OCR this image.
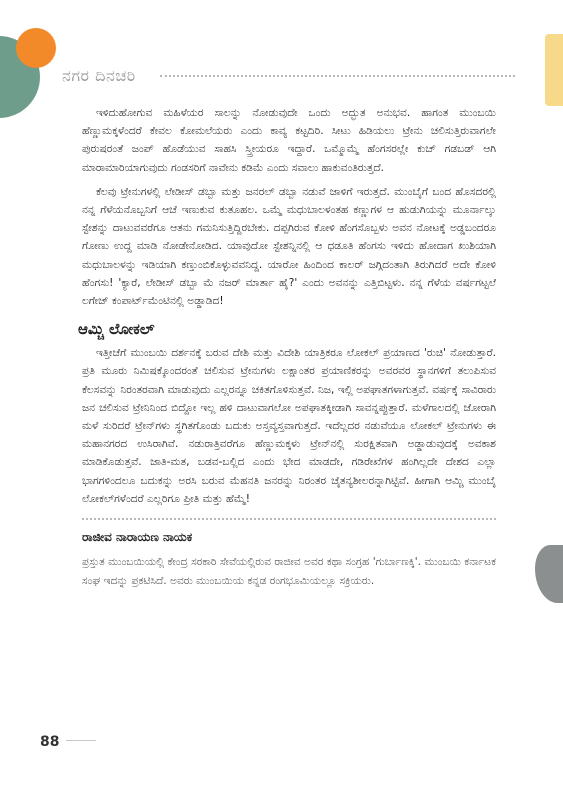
ನಗರ ದಿನಚರಿ

ಇಳಿದುಹೋಗುವ ಮಹಿಳೆಯರ ಸಾಲನ್ನು ನೋಡುವುದೇ ಒಂದು ಅದ್ಭುತ ಅನುಭವ. ಹಾಗಂತ ಮುಂಬಯಿ ಹೆಣ್ಣುಮಕ್ಕಳೆಂದರೆ ಕೇವಲ ಕೋಮಲೆಯರು ಎಂದು ಕಾವ್ಯ ಕಟ್ಟದಿರಿ. ಸೀಟು ಹಿಡಿಯಲು ಟ್ರೇನು ಚಲಿಸುತ್ತಿರುವಾಗಲೇ ಪುರುಷರಂತೆ ಜಂಪ್ ಹೊಡೆಯುವ ಸಾಹಸಿ ಸ್ತ್ರೀಯರೂ ಇದ್ದಾರೆ. ಒಮ್ಮೊಮ್ಮೆ ಹೆಂಗಸರಲ್ಲೇ ಕುಚ್ ಗಡಬಡ್ ಆಗಿ ಮಾರಾಮಾರಿಯಾಗುವುದು ಗಂಡಸರಿಗೆ ನಾವೇನು ಕಡಿಮೆ ಎಂದು ಸವಾಲು ಹಾಕುವಂತಿರುತ್ತದೆ.

ಕೆಲವು ಟ್ರೇನುಗಳಲ್ಲಿ ಲೇಡೀಸ್ ಡಬ್ಬಾ ಮತ್ತು ಜನರಲ್ ಡಬ್ಬಾ ನಡುವೆ ಜಾಳಿಗೆ ಇರುತ್ತದೆ. ಮುಂಬೈಗೆ ಬಂದ ಹೊಸದರಲ್ಲಿ ನನ್ನ ಗೆಳೆಯನೊಬ್ಬನಿಗೆ ಆಚೆ ಇಣುಕುವ ಕುತೂಹಲ. ಒಮ್ಮೆ ಮಧುಬಾಲಳಂತಹ ಕಣ್ಣುಗಳ ಆ ಹುಡುಗಿಯನ್ನು ಮೂರ್ನಾಲ್ಕು ಸ್ಟೇಶನ್ನು ದಾಟುವವರೆಗೂ ಆತನು ಗಮನಿಸುತ್ತಿದ್ದಿರಬೇಕು. ದಪ್ಪಗಿರುವ ಕೋಳಿ ಹೆಂಗಸೊಬ್ಬಳು ಅವನ ನೋಟಕ್ಕೆ ಅಡ್ಡಬಂದರೂ ಗೋಣು ಉದ್ದ ಮಾಡಿ ನೋಡೇನೋಡಿದ. ಯಾವುದೋ ಸ್ಟೇಶನ್ನಿನಲ್ಲಿ ಆ ಧಡೂತಿ ಹೆಂಗಸು ಇಳಿದು ಹೋದಾಗ ಖುಶಿಯಾಗಿ ಮಧುಬಾಲಳನ್ನು ಇಡಿಯಾಗಿ ಕಣ್ತುಂಬಿಕೊಳ್ಳುವವನಿದ್ದ. ಯಾರೋ ಹಿಂದಿಂದ ಕಾಲರ್ ಜಗ್ಗಿದಂತಾಗಿ ತಿರುಗಿದರೆ ಅದೇ ಕೋಳಿ ಹೆಂಗಸು! 'ಕ್ಯಾರೆ, ಲೇಡೀಸ್ ಡಬ್ಬಾ ಮೆ ನಜರ್ ಮಾರ್ತಾ ಹೈ?' ಎಂದು ಅವನನ್ನು ಎತ್ತಿಬಿಟ್ಟಳು. ನನ್ನ ಗೆಳೆಯ ವರ್ಷಗಟ್ಟಲೆ ಲಗೇಜ್ ಕಂಪಾರ್ಟ್‌ಮೆಂಟಿನಲ್ಲಿ ಅಡ್ಡಾಡಿದ!

ಆಮ್ಚಿ ಲೋಕಲ್

ಇತ್ತೀಚೆಗೆ ಮುಂಬಯಿ ದರ್ಶನಕ್ಕೆ ಬರುವ ದೇಶಿ ಮತ್ತು ವಿದೇಶಿ ಯಾತ್ರಿಕರೂ ಲೋಕಲ್ ಪ್ರಯಾಣದ 'ರುಚಿ' ನೋಡುತ್ತಾರೆ. ಪ್ರತಿ ಮೂರು ನಿಮಿಷಕ್ಕೊಂದರಂತೆ ಚಲಿಸುವ ಟ್ರೇನುಗಳು ಲಕ್ಷಾಂತರ ಪ್ರಯಾಣಿಕರನ್ನು ಅವರವರ ಸ್ಥಾನಗಳಿಗೆ ತಲುಪಿಸುವ ಕೆಲಸವನ್ನು ನಿರಂತರವಾಗಿ ಮಾಡುವುದು ಎಲ್ಲರನ್ನೂ ಚಕಿತಗೊಳಿಸುತ್ತವೆ. ನಿಜ, ಇಲ್ಲಿ ಅಪಘಾತಗಳಾಗುತ್ತವೆ. ವರ್ಷಕ್ಕೆ ಸಾವಿರಾರು ಜನ ಚಲಿಸುವ ಟ್ರೇನಿನಿಂದ ಬಿದ್ದೋ ಇಲ್ಲ ಹಳಿ ದಾಟುವಾಗಲೋ ಅಪಘಾತಕ್ಕೀಡಾಗಿ ಸಾವನ್ನಪ್ಪುತ್ತಾರೆ. ಮಳೆಗಾಲದಲ್ಲಿ ಜೋರಾಗಿ ಮಳೆ ಸುರಿದರೆ ಟ್ರೇನ್‌ಗಳು ಸ್ಥಗಿತಗೊಂಡು ಬದುಕು ಅಸ್ತವ್ಯಸ್ತವಾಗುತ್ತದೆ. ಇದೆಲ್ಲದರ ನಡುವೆಯೂ ಲೋಕಲ್ ಟ್ರೇನುಗಳು ಈ ಮಹಾನಗರದ ಉಸಿರಾಗಿವೆ. ನಡುರಾತ್ರಿವರೆಗೂ ಹೆಣ್ಣುಮಕ್ಕಳು ಟ್ರೇನ್‌ನಲ್ಲಿ ಸುರಕ್ಷಿತವಾಗಿ ಅಡ್ಡಾಡುವುದಕ್ಕೆ ಅವಕಾಶ ಮಾಡಿಕೊಡುತ್ತವೆ. ಜಾತಿ-ಮತ, ಬಡವ-ಬಲ್ಲಿದ ಎಂದು ಭೇದ ಮಾಡದೇ, ಗಡಿರೇಖೆಗಳ ಹಂಗಿಲ್ಲದೇ ದೇಶದ ಎಲ್ಲಾ ಭಾಗಗಳಿಂದಲೂ ಬದುಕನ್ನು ಅರಸಿ ಬರುವ ಮೆಹನತಿ ಜನರನ್ನು ನಿರಂತರ ಚೈತನ್ಯಶೀಲರನ್ನಾಗಿಟ್ಟಿವೆ. ಹೀಗಾಗಿ ಆಮ್ಚಿ ಮುಂಬೈ ಲೋಕಲ್‌ಗಳೆಂದರೆ ಎಲ್ಲರಿಗೂ ಪ್ರೀತಿ ಮತ್ತು ಹೆಮ್ಮೆ!

ರಾಜೀವ ನಾರಾಯಣ ನಾಯಕ

ಪ್ರಸ್ತುತ ಮುಂಬಯಿಯಲ್ಲಿ ಕೇಂದ್ರ ಸರಕಾರಿ ಸೇವೆಯಲ್ಲಿರುವ ರಾಜೀವ ಅವರ ಕಥಾ ಸಂಗ್ರಹ 'ಗುರ್ಬಾಣಕ್ಕಿ'. ಮುಂಬಯಿ ಕರ್ನಾಟಕ ಸಂಘ ಇದನ್ನು ಪ್ರಕಟಿಸಿದೆ. ಅವರು ಮುಂಬಯಿಯ ಕನ್ನಡ ರಂಗಭೂಮಿಯಲ್ಲೂ ಸಕ್ರಿಯರು.

88
